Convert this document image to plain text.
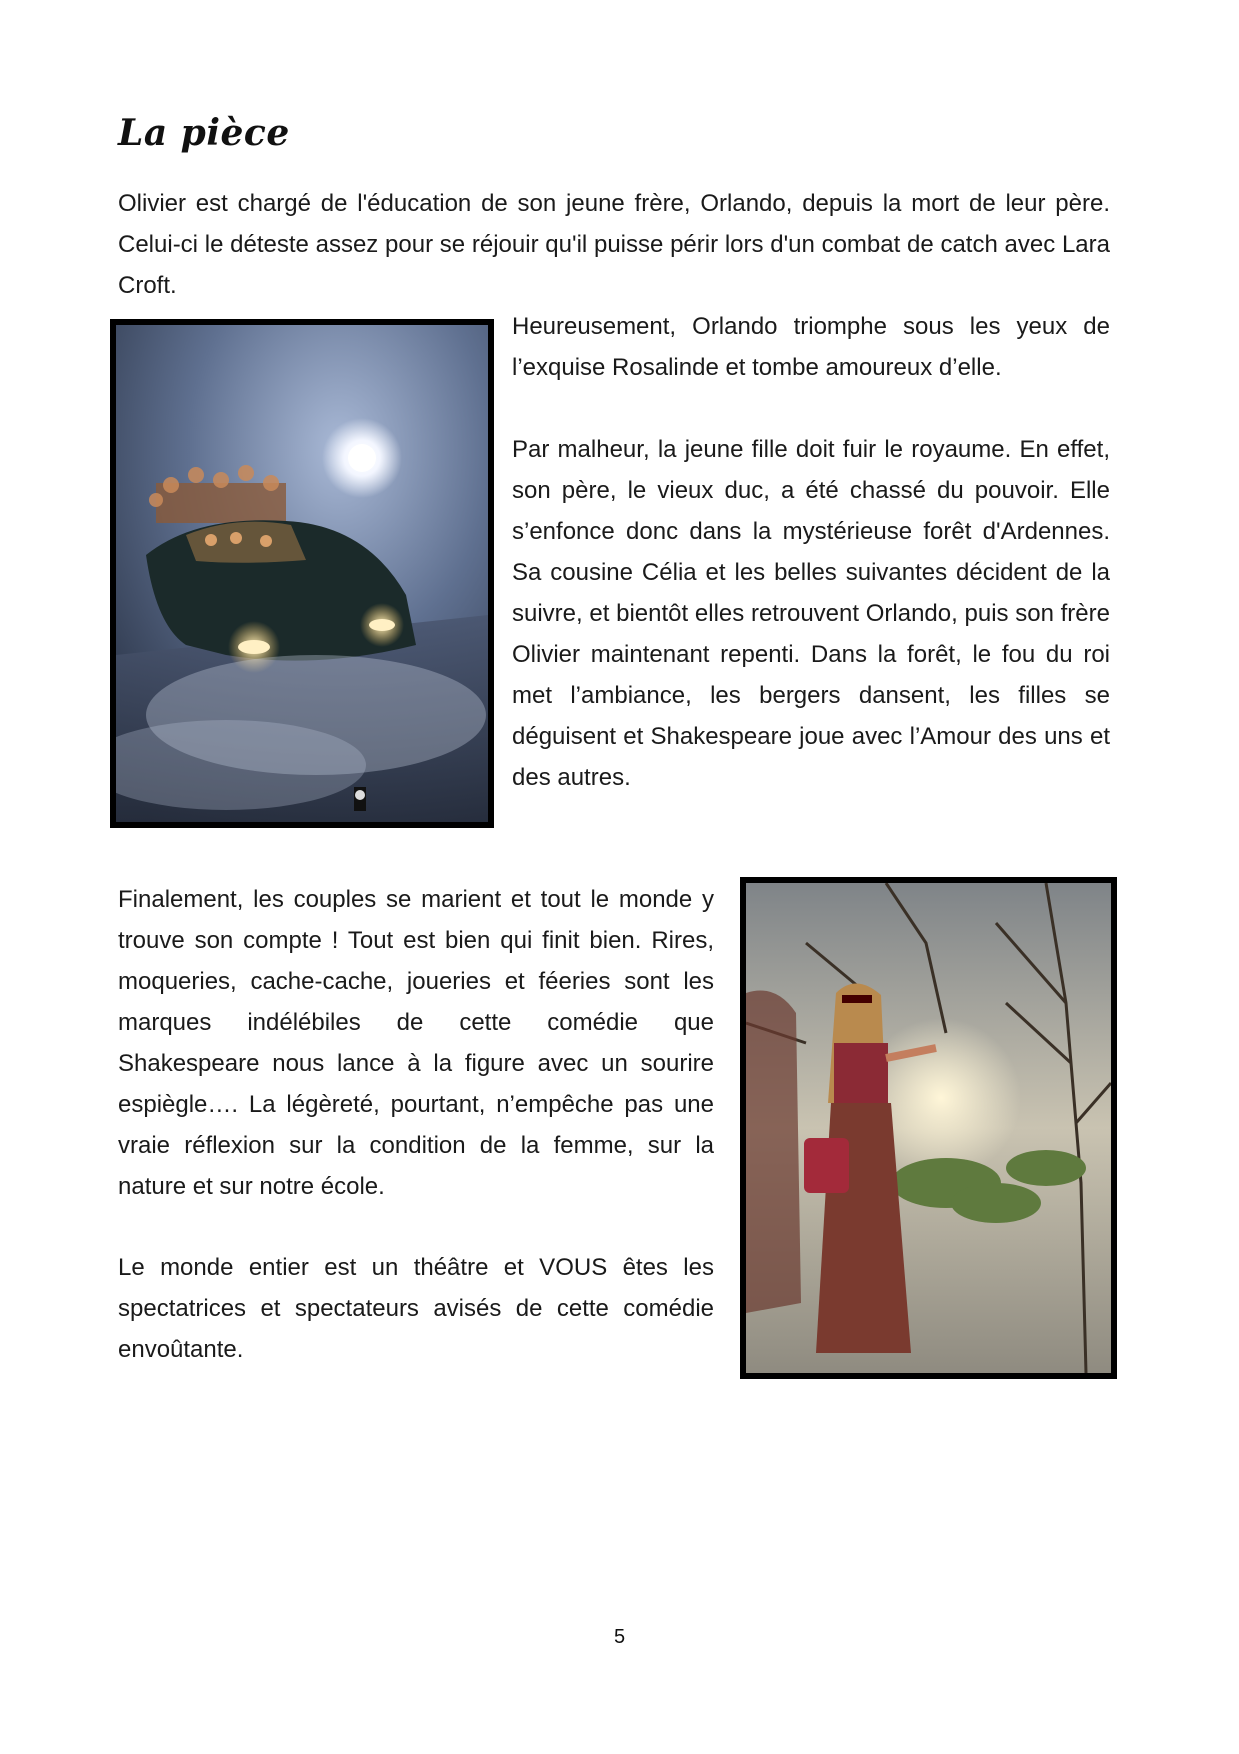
La pièce

Olivier est chargé de l'éducation de son jeune frère, Orlando, depuis la mort de leur père. Celui-ci le déteste assez pour se réjouir qu'il puisse périr lors d'un combat de catch avec Lara Croft.

Heureusement, Orlando triomphe sous les yeux de l’exquise Rosalinde et tombe amoureux d’elle.

Par malheur, la jeune fille doit fuir le royaume. En effet, son père, le vieux duc, a été chassé du pouvoir. Elle s’enfonce donc dans la mystérieuse forêt d'Ardennes. Sa cousine Célia et les belles suivantes décident de la suivre, et bientôt elles retrouvent Orlando, puis son frère Olivier maintenant repenti. Dans la forêt, le fou du roi met l’ambiance, les bergers dansent, les filles se déguisent et Shakespeare joue avec l’Amour des uns et des autres.

Finalement, les couples se marient et tout le monde y trouve son compte ! Tout est bien qui finit bien. Rires, moqueries, cache-cache, joueries et féeries sont les marques indélébiles de cette comédie que Shakespeare nous lance à la figure avec un sourire espiègle…. La légèreté, pourtant, n’empêche pas une vraie réflexion sur la condition de la femme, sur la nature et sur notre école.

Le monde entier est un théâtre et VOUS êtes les spectatrices et spectateurs avisés de cette comédie envoûtante.

5
